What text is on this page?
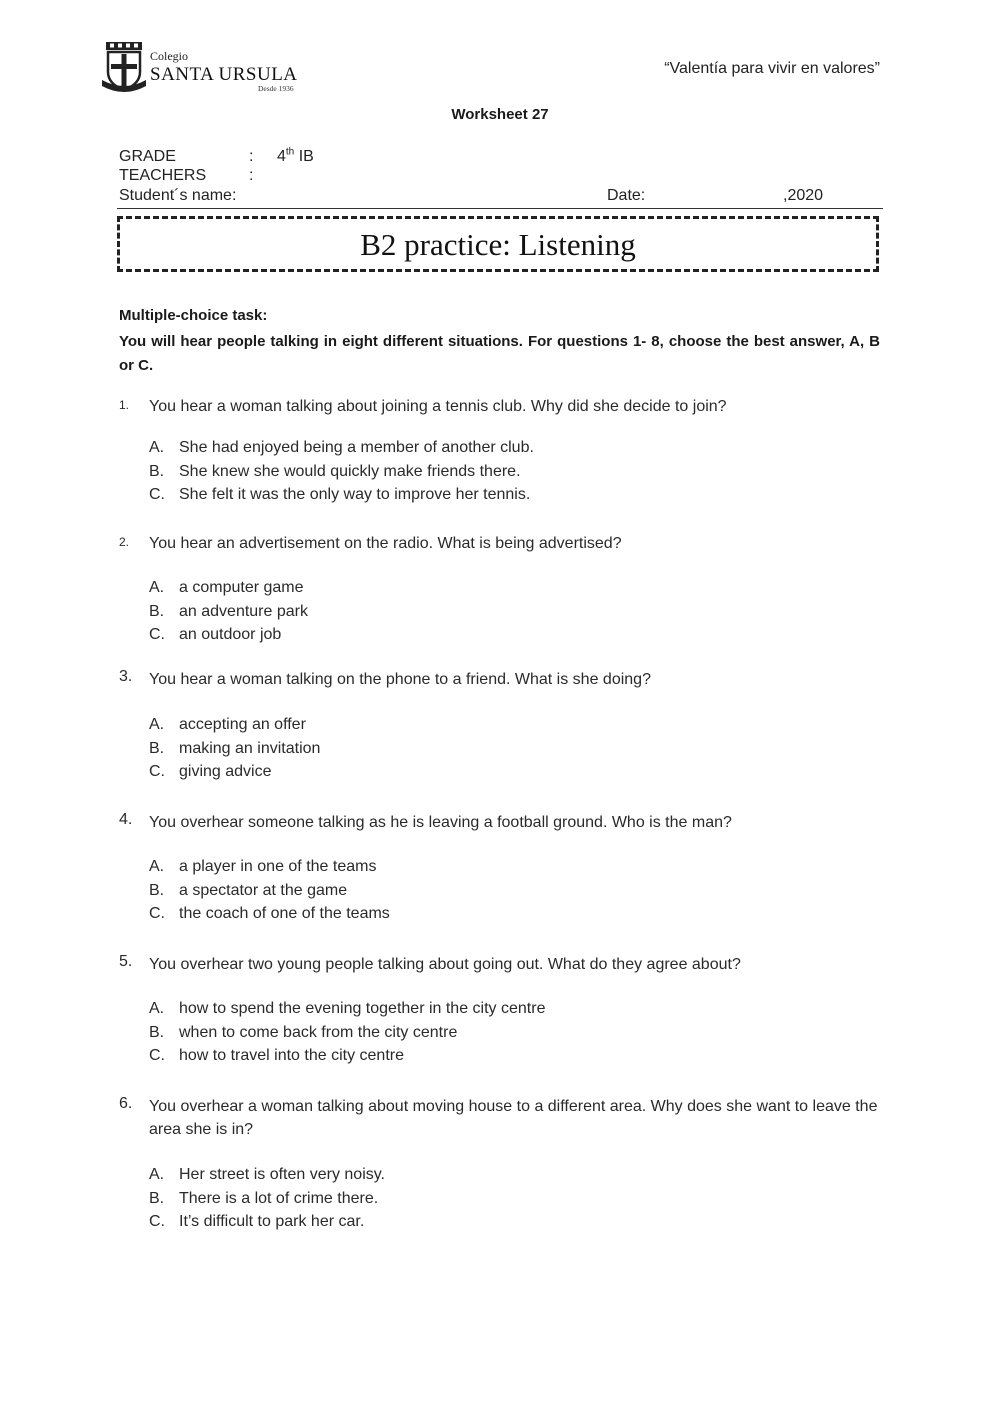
Colegio
SANTA URSULA
Desde 1936
“Valentía para vivir en valores”
Worksheet 27
GRADE	: 4th IB
TEACHERS	:
Student´s name:	Date:	,2020
B2 practice: Listening
Multiple-choice task:
You will hear people talking in eight different situations. For questions 1- 8, choose the best answer, A, B or C.
1.	You hear a woman talking about joining a tennis club. Why did she decide to join?
A. She had enjoyed being a member of another club.
B. She knew she would quickly make friends there.
C. She felt it was the only way to improve her tennis.
2.	You hear an advertisement on the radio. What is being advertised?
A. a computer game
B. an adventure park
C. an outdoor job
3.	You hear a woman talking on the phone to a friend. What is she doing?
A. accepting an offer
B. making an invitation
C. giving advice
4.	You overhear someone talking as he is leaving a football ground. Who is the man?
A. a player in one of the teams
B. a spectator at the game
C. the coach of one of the teams
5.	You overhear two young people talking about going out. What do they agree about?
A. how to spend the evening together in the city centre
B. when to come back from the city centre
C. how to travel into the city centre
6.	You overhear a woman talking about moving house to a different area. Why does she want to leave the area she is in?
A. Her street is often very noisy.
B. There is a lot of crime there.
C. It’s difficult to park her car.
